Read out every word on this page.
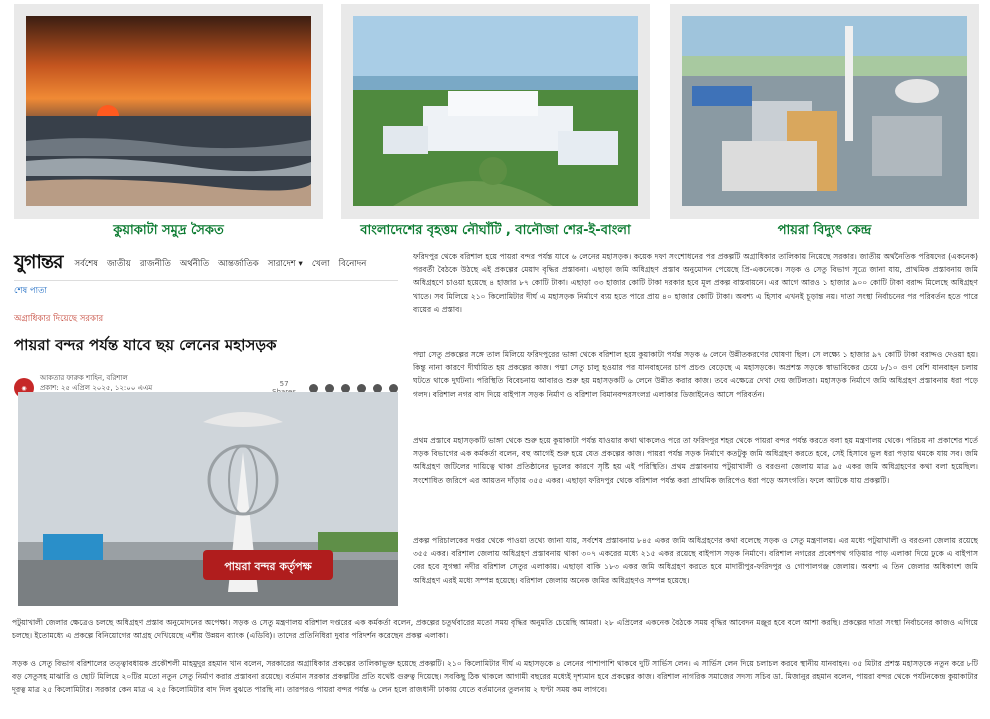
কুয়াকাটা সমুদ্র সৈকত	বাংলাদেশের বৃহত্তম নৌঘাঁটি , বানৌজা শের-ই-বাংলা	পায়রা বিদ্যুৎ কেন্দ্র
যুগান্তর সর্বশেষ জাতীয় রাজনীতি অর্থনীতি আন্তর্জাতিক সারাদেশ ▾ খেলা বিনোদন
শেষ পাতা
অগ্রাধিকার দিয়েছে সরকার
পায়রা বন্দর পর্যন্ত যাবে ছয় লেনের মহাসড়ক
◉
আকতার ফারুক শাহিন, বরিশাল
প্রকাশ: ২৫ এপ্রিল ২০২৫, ১২:০০ এএম	57
পায়রা বন্দর কর্তৃপক্ষ
ফরিদপুর থেকে বরিশাল হয়ে পায়রা বন্দর পর্যন্ত যাবে ৬ লেনের মহাসড়ক। কয়েক দফা সংশোধনের পর প্রকল্পটি অগ্রাধিকার তালিকায় নিয়েছে সরকার। জাতীয় অর্থনৈতিক পরিষদের (একনেক) পরবর্তী বৈঠকে উঠছে এই প্রকল্পের মেয়াদ বৃদ্ধির প্রস্তাবনা। এছাড়া জমি অধিগ্রহণ প্রস্তাব অনুমোদন পেয়েছে প্রি-একনেকে। সড়ক ও সেতু বিভাগ সূত্রে জানা যায়, প্রাথমিক প্রস্তাবনায় জমি অধিগ্রহণে চাওয়া হয়েছে ৪ হাজার ৮৭ কোটি টাকা। এছাড়া ৩৩ হাজার কোটি টাকা দরকার হবে মূল প্রকল্প বাস্তবায়নে। এর আগে আরও ১ হাজার ৯০০ কোটি টাকা বরাদ্দ মিলেছে অধিগ্রহণ খাতে। সব মিলিয়ে ২১০ কিলোমিটার দীর্ঘ এ মহাসড়ক নির্মাণে ব্যয় হতে পারে প্রায় ৪০ হাজার কোটি টাকা। অবশ্য এ হিসাব এখনই চূড়ান্ত নয়। দাতা সংস্থা নির্বাচনের পর পরিবর্তন হতে পারে ব্যয়ের এ প্রস্তাব।
পদ্মা সেতু প্রকল্পের সঙ্গে তাল মিলিয়ে ফরিদপুরের ভাঙ্গা থেকে বরিশাল হয়ে কুয়াকাটা পর্যন্ত সড়ক ৬ লেনে উন্নীতকরণের ঘোষণা ছিল। সে লক্ষ্যে ১ হাজার ৯৭ কোটি টাকা বরাদ্দও দেওয়া হয়। কিন্তু নানা কারণে দীর্ঘায়িত হয় প্রকল্পের কাজ। পদ্মা সেতু চালু হওয়ার পর যানবাহনের চাপ প্রচণ্ড বেড়েছে এ মহাসড়কে। অপ্রশস্ত সড়কে স্বাভাবিকের চেয়ে ৮/১০ গুণ বেশি যানবাহন চলায় ঘটতে থাকে দুর্ঘটনা। পরিস্থিতি বিবেচনায় আবারও শুরু হয় মহাসড়কটি ৬ লেনে উন্নীত করার কাজ। তবে এক্ষেত্রে দেখা দেয় জটিলতা। মহাসড়ক নির্মাণে জমি অধিগ্রহণ প্রস্তাবনায় ধরা পড়ে গলদ। বরিশাল নগর বাদ দিয়ে বাইপাস সড়ক নির্মাণ ও বরিশাল বিমানবন্দরসংলগ্ন এলাকার ডিজাইনেও আসে পরিবর্তন।
প্রথম প্রস্তাবে মহাসড়কটি ভাঙ্গা থেকে শুরু হয়ে কুয়াকাটা পর্যন্ত যাওয়ার কথা থাকলেও পরে তা ফরিদপুর শহর থেকে পায়রা বন্দর পর্যন্ত করতে বলা হয় মন্ত্রণালয় থেকে। পরিচয় না প্রকাশের শর্তে সড়ক বিভাগের এক কর্মকর্তা বলেন, বহু আগেই শুরু হয়ে যেত প্রকল্পের কাজ। পায়রা পর্যন্ত সড়ক নির্মাণে কতটুকু জমি অধিগ্রহণ করতে হবে, সেই হিসাবে ভুল ধরা পড়ায় থমকে যায় সব। জমি অধিগ্রহণ জটিলের দায়িত্বে থাকা প্রতিষ্ঠানের ভুলের কারণে সৃষ্টি হয় এই পরিস্থিতি। প্রথম প্রস্তাবনায় পটুয়াখালী ও বরগুনা জেলায় মাত্র ৯৫ একর জমি অধিগ্রহণের কথা বলা হয়েছিল। সংশোধিত জরিপে এর আয়তন দাঁড়ায় ৩৫৫ একর। এছাড়া ফরিদপুর থেকে বরিশাল পর্যন্ত করা প্রাথমিক জরিপেও ধরা পড়ে অসংগতি। ফলে আটকে যায় প্রকল্পটি।
প্রকল্প পরিচালকের দপ্তর থেকে পাওয়া তথ্যে জানা যায়, সর্বশেষ প্রস্তাবনায় ৮৪৫ একর জমি অধিগ্রহণের কথা বলেছে সড়ক ও সেতু মন্ত্রণালয়। এর মধ্যে পটুয়াখালী ও বরগুনা জেলায় রয়েছে ৩৫৫ একর। বরিশাল জেলায় অধিগ্রহণ প্রস্তাবনায় থাকা ৩০৭ একরের মধ্যে ২১৫ একর রয়েছে বাইপাস সড়ক নির্মাণে। বরিশাল নগরের প্রবেশপথ গড়িয়ার পাড় এলাকা দিয়ে ঢুকে এ বাইপাস বের হবে সুগন্ধা নদীর বরিশাল সেতুর এলাকায়। এছাড়া বাকি ১৮৩ একর জমি অধিগ্রহণ করতে হবে মাদারীপুর-ফরিদপুর ও গোপালগঞ্জ জেলায়। অবশ্য এ তিন জেলার অধিকাংশ জমি অধিগ্রহণ এরই মধ্যে সম্পন্ন হয়েছে। বরিশাল জেলায় অনেক জমির অধিগ্রহণও সম্পন্ন হয়েছে।
পটুয়াখালী জেলার ক্ষেত্রেও চলছে অধিগ্রহণ প্রস্তাব অনুমোদনের অপেক্ষা। সড়ক ও সেতু মন্ত্রণালয় বরিশাল দপ্তরের এক কর্মকর্তা বলেন, প্রকল্পের চতুর্থবারের মতো সময় বৃদ্ধির অনুমতি চেয়েছি আমরা। ২৮ এপ্রিলের একনেক বৈঠকে সময় বৃদ্ধির আবেদন মঞ্জুর হবে বলে আশা করছি। প্রকল্পের দাতা সংস্থা নির্বাচনের কাজও এগিয়ে চলছে। ইতোমধ্যে এ প্রকল্পে বিনিয়োগের আগ্রহ দেখিয়েছে এশীয় উন্নয়ন ব্যাংক (এডিবি)। তাদের প্রতিনিধিরা দুবার পরিদর্শন করেছেন প্রকল্প এলাকা।
সড়ক ও সেতু বিভাগ বরিশালের তত্ত্বাবধায়ক প্রকৌশলী মাহমুদুর রহমান খান বলেন, সরকারের অগ্রাধিকার প্রকল্পের তালিকাভুক্ত হয়েছে প্রকল্পটি। ২১০ কিলোমিটার দীর্ঘ এ মহাসড়কে ৪ লেনের পাশাপাশি থাকবে দুটি সার্ভিস লেন। এ সার্ভিস লেন দিয়ে চলাচল করবে স্থানীয় যানবাহন। ৩৫ মিটার প্রশস্ত মহাসড়কে নতুন করে ৮টি বড় সেতুসহ মাঝারি ও ছোট মিলিয়ে ২০টির মতো নতুন সেতু নির্মাণ করার প্রস্তাবনা রয়েছে। বর্তমান সরকার প্রকল্পটির প্রতি যথেষ্ট গুরুত্ব দিয়েছে। সবকিছু ঠিক থাকলে আগামী বছরের মধ্যেই দৃশ্যমান হবে প্রকল্পের কাজ। বরিশাল নাগরিক সমাজের সদস্য সচিব ডা. মিজানুর রহমান বলেন, পায়রা বন্দর থেকে পর্যটনকেন্দ্র কুয়াকাটার দূরত্ব মাত্র ২৫ কিলোমিটার। সরকার কেন মাত্র এ ২৫ কিলোমিটার বাদ দিল বুঝতে পারছি না। তারপরও পায়রা বন্দর পর্যন্ত ৬ লেন হলে রাজধানী ঢাকায় যেতে বর্তমানের তুলনায় ২ ঘণ্টা সময় কম লাগবে।
